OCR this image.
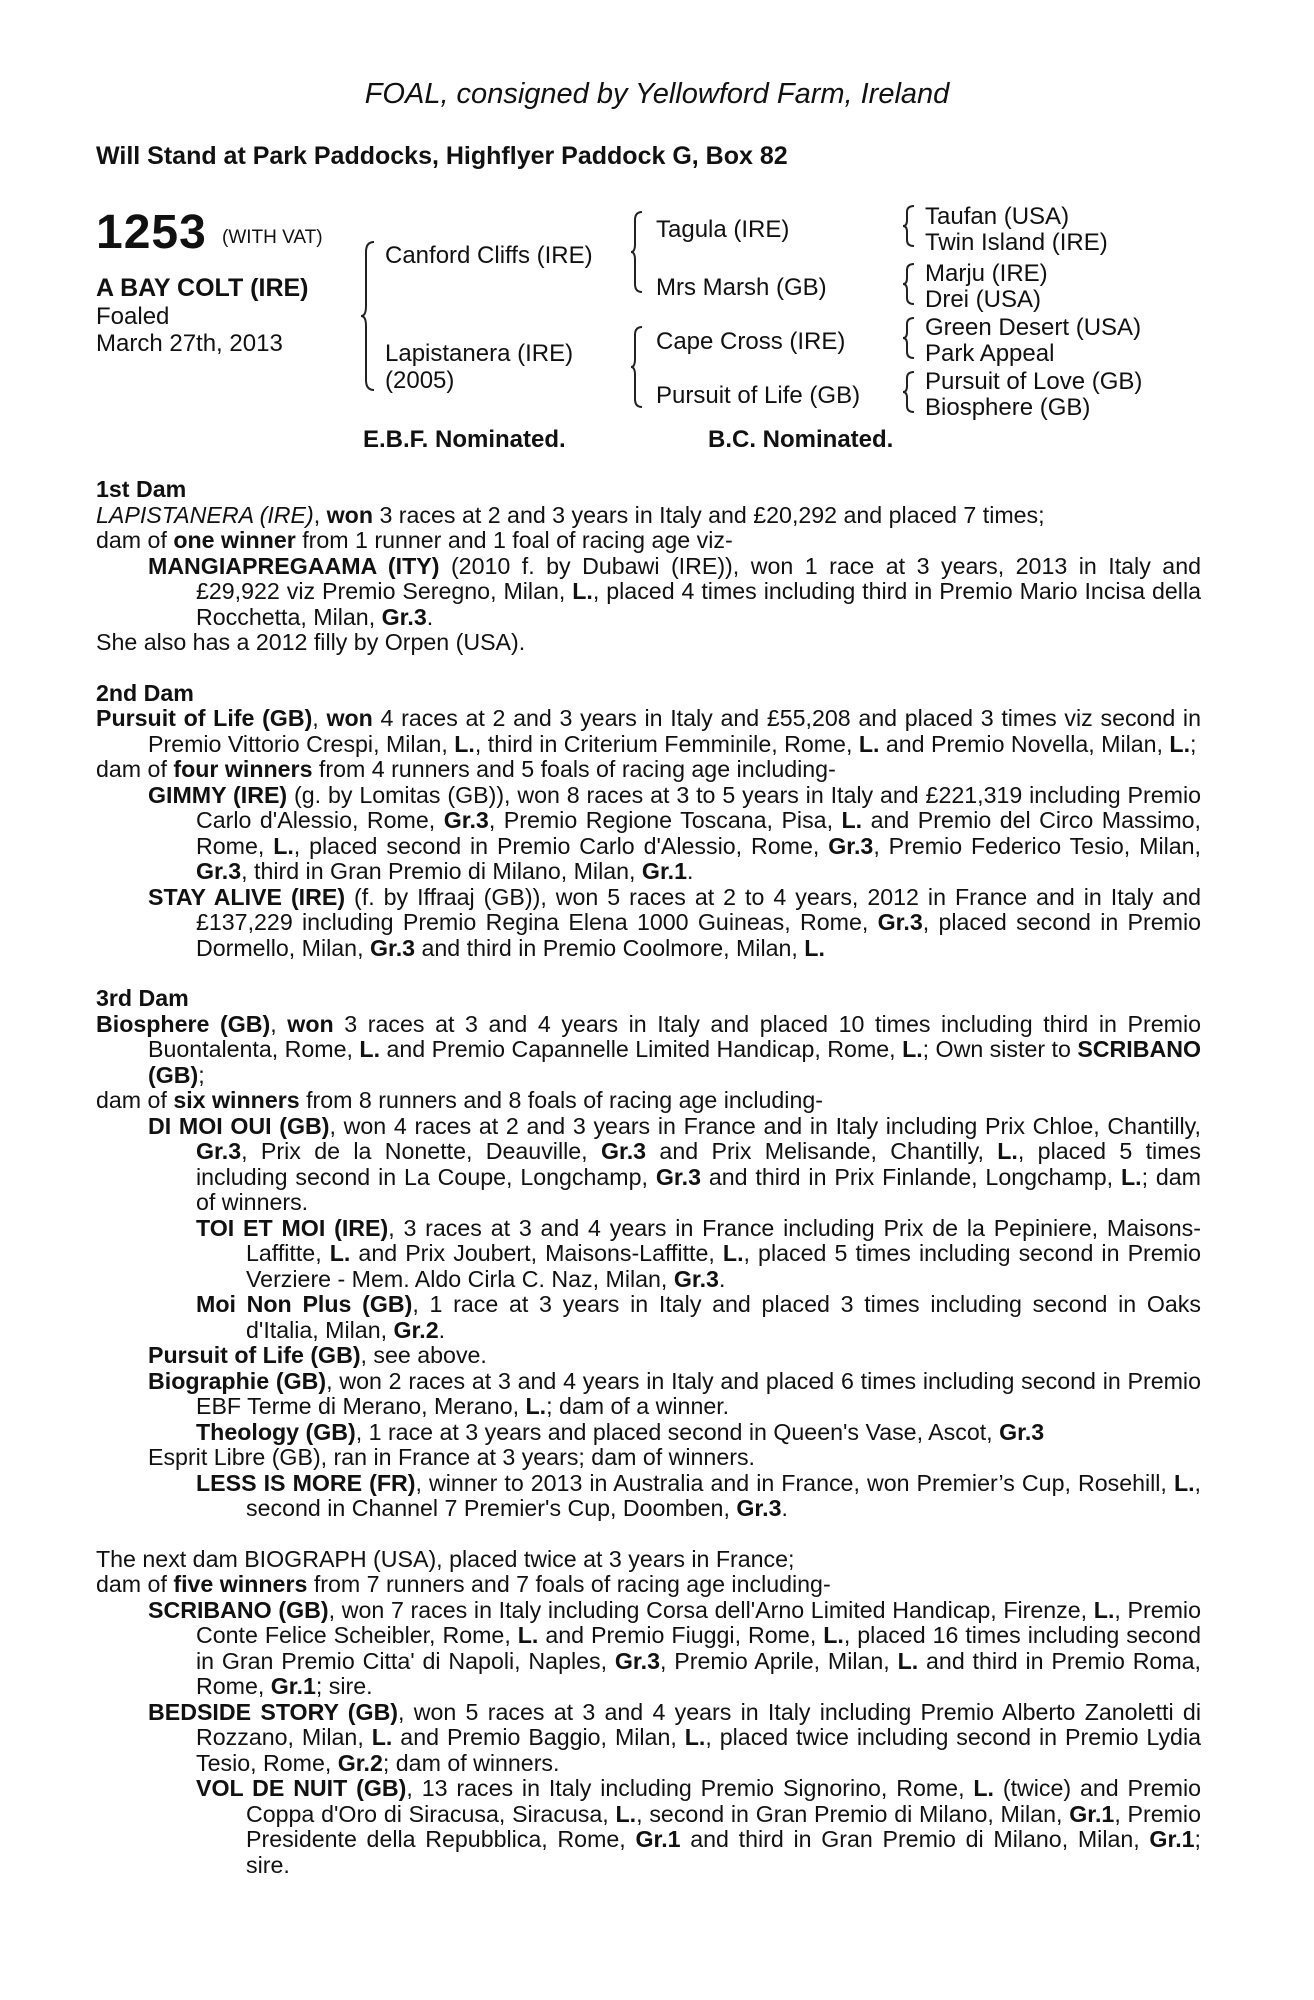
FOAL, consigned by Yellowford Farm, Ireland
Will Stand at Park Paddocks, Highflyer Paddock G, Box 82
1253 (WITH VAT)
A BAY COLT (IRE)
Foaled
March 27th, 2013
Canford Cliffs (IRE)
Lapistanera (IRE)
(2005)
Tagula (IRE)
Mrs Marsh (GB)
Cape Cross (IRE)
Pursuit of Life (GB)
Taufan (USA)
Twin Island (IRE)
Marju (IRE)
Drei (USA)
Green Desert (USA)
Park Appeal
Pursuit of Love (GB)
Biosphere (GB)
E.B.F. Nominated.	B.C. Nominated.
1st Dam
LAPISTANERA (IRE), won 3 races at 2 and 3 years in Italy and £20,292 and placed 7 times;
dam of one winner from 1 runner and 1 foal of racing age viz-
MANGIAPREGAAMA (ITY) (2010 f. by Dubawi (IRE)), won 1 race at 3 years, 2013 in Italy and £29,922 viz Premio Seregno, Milan, L., placed 4 times including third in Premio Mario Incisa della Rocchetta, Milan, Gr.3.
She also has a 2012 filly by Orpen (USA).
2nd Dam
Pursuit of Life (GB), won 4 races at 2 and 3 years in Italy and £55,208 and placed 3 times viz second in Premio Vittorio Crespi, Milan, L., third in Criterium Femminile, Rome, L. and Premio Novella, Milan, L.;
dam of four winners from 4 runners and 5 foals of racing age including-
GIMMY (IRE) (g. by Lomitas (GB)), won 8 races at 3 to 5 years in Italy and £221,319 including Premio Carlo d'Alessio, Rome, Gr.3, Premio Regione Toscana, Pisa, L. and Premio del Circo Massimo, Rome, L., placed second in Premio Carlo d'Alessio, Rome, Gr.3, Premio Federico Tesio, Milan, Gr.3, third in Gran Premio di Milano, Milan, Gr.1.
STAY ALIVE (IRE) (f. by Iffraaj (GB)), won 5 races at 2 to 4 years, 2012 in France and in Italy and £137,229 including Premio Regina Elena 1000 Guineas, Rome, Gr.3, placed second in Premio Dormello, Milan, Gr.3 and third in Premio Coolmore, Milan, L.
3rd Dam
Biosphere (GB), won 3 races at 3 and 4 years in Italy and placed 10 times including third in Premio Buontalenta, Rome, L. and Premio Capannelle Limited Handicap, Rome, L.; Own sister to SCRIBANO (GB);
dam of six winners from 8 runners and 8 foals of racing age including-
DI MOI OUI (GB), won 4 races at 2 and 3 years in France and in Italy including Prix Chloe, Chantilly, Gr.3, Prix de la Nonette, Deauville, Gr.3 and Prix Melisande, Chantilly, L., placed 5 times including second in La Coupe, Longchamp, Gr.3 and third in Prix Finlande, Longchamp, L.; dam of winners.
TOI ET MOI (IRE), 3 races at 3 and 4 years in France including Prix de la Pepiniere, Maisons-Laffitte, L. and Prix Joubert, Maisons-Laffitte, L., placed 5 times including second in Premio Verziere - Mem. Aldo Cirla C. Naz, Milan, Gr.3.
Moi Non Plus (GB), 1 race at 3 years in Italy and placed 3 times including second in Oaks d'Italia, Milan, Gr.2.
Pursuit of Life (GB), see above.
Biographie (GB), won 2 races at 3 and 4 years in Italy and placed 6 times including second in Premio EBF Terme di Merano, Merano, L.; dam of a winner.
Theology (GB), 1 race at 3 years and placed second in Queen's Vase, Ascot, Gr.3
Esprit Libre (GB), ran in France at 3 years; dam of winners.
LESS IS MORE (FR), winner to 2013 in Australia and in France, won Premier’s Cup, Rosehill, L., second in Channel 7 Premier's Cup, Doomben, Gr.3.
The next dam BIOGRAPH (USA), placed twice at 3 years in France;
dam of five winners from 7 runners and 7 foals of racing age including-
SCRIBANO (GB), won 7 races in Italy including Corsa dell'Arno Limited Handicap, Firenze, L., Premio Conte Felice Scheibler, Rome, L. and Premio Fiuggi, Rome, L., placed 16 times including second in Gran Premio Citta' di Napoli, Naples, Gr.3, Premio Aprile, Milan, L. and third in Premio Roma, Rome, Gr.1; sire.
BEDSIDE STORY (GB), won 5 races at 3 and 4 years in Italy including Premio Alberto Zanoletti di Rozzano, Milan, L. and Premio Baggio, Milan, L., placed twice including second in Premio Lydia Tesio, Rome, Gr.2; dam of winners.
VOL DE NUIT (GB), 13 races in Italy including Premio Signorino, Rome, L. (twice) and Premio Coppa d'Oro di Siracusa, Siracusa, L., second in Gran Premio di Milano, Milan, Gr.1, Premio Presidente della Repubblica, Rome, Gr.1 and third in Gran Premio di Milano, Milan, Gr.1; sire.
